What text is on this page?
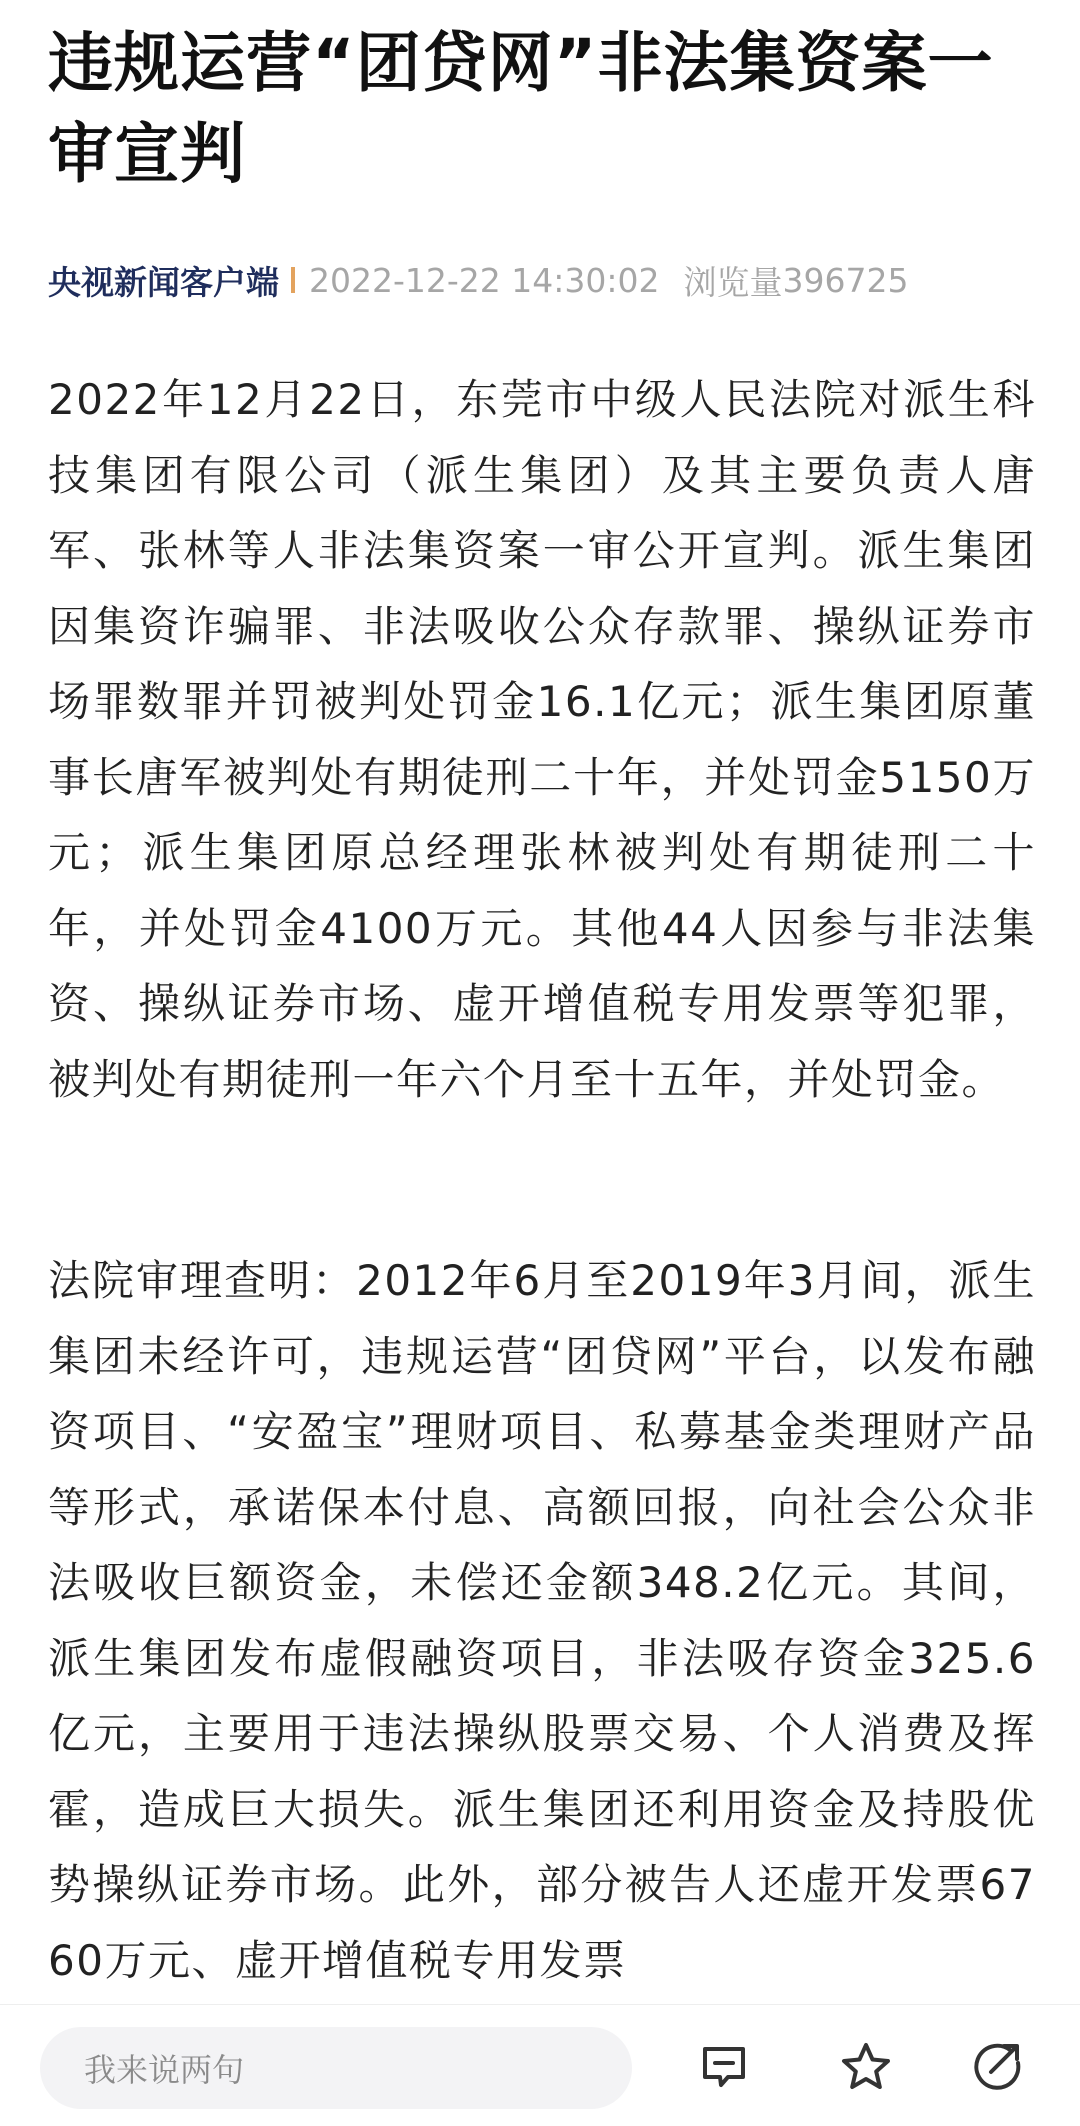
违规运营“团贷网”非法集资案一审宣判
央视新闻客户端 2022-12-22 14:30:02 浏览量 396725

2022年12月22日，东莞市中级人民法院对派生科技集团有限公司（派生集团）及其主要负责人唐军、张林等人非法集资案一审公开宣判。派生集团因集资诈骗罪、非法吸收公众存款罪、操纵证券市场罪数罪并罚被判处罚金16.1亿元；派生集团原董事长唐军被判处有期徒刑二十年，并处罚金5150万元；派生集团原总经理张林被判处有期徒刑二十年，并处罚金4100万元。其他44人因参与非法集资、操纵证券市场、虚开增值税专用发票等犯罪，被判处有期徒刑一年六个月至十五年，并处罚金。

法院审理查明：2012年6月至2019年3月间，派生集团未经许可，违规运营“团贷网”平台，以发布融资项目、“安盈宝”理财项目、私募基金类理财产品等形式，承诺保本付息、高额回报，向社会公众非法吸收巨额资金，未偿还金额348.2亿元。其间，派生集团发布虚假融资项目，非法吸存资金325.6亿元，主要用于违法操纵股票交易、个人消费及挥霍，造成巨大损失。派生集团还利用资金及持股优势操纵证券市场。此外，部分被告人还虚开发票6760万元、虚开增值税专用发票

我来说两句
